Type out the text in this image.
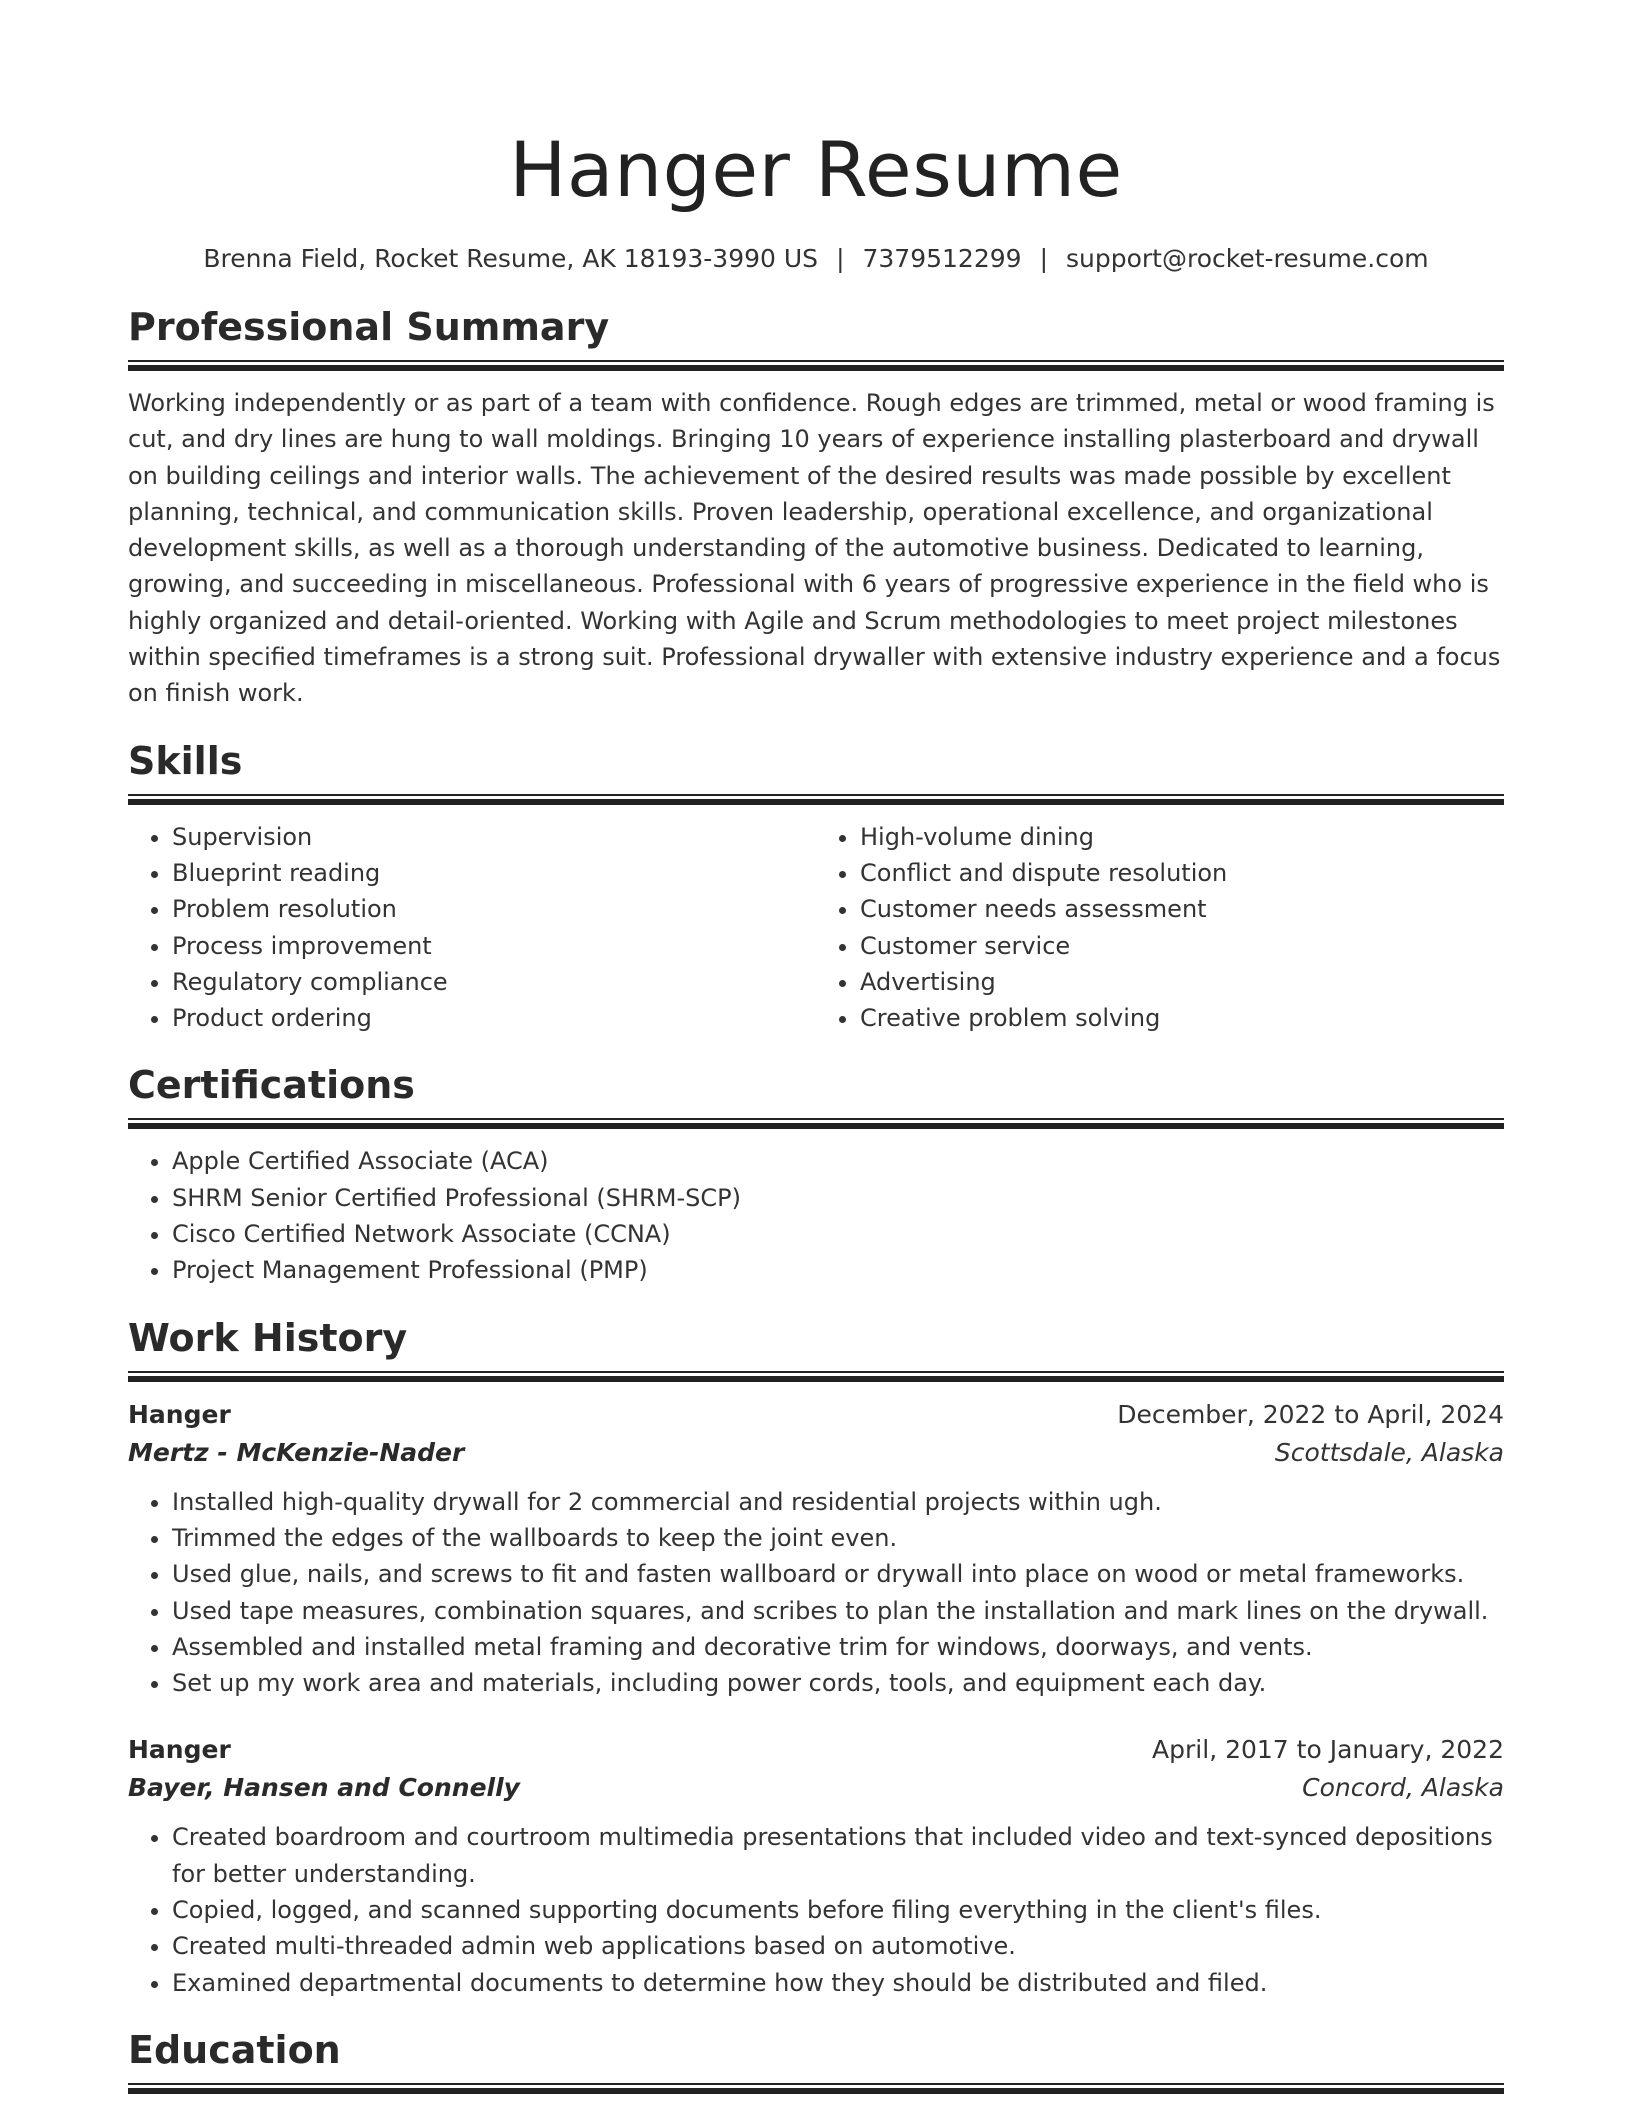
Hanger Resume
Brenna Field, Rocket Resume, AK 18193-3990 US | 7379512299 | support@rocket-resume.com
Professional Summary

Working independently or as part of a team with confidence. Rough edges are trimmed, metal or wood framing is cut, and dry lines are hung to wall moldings. Bringing 10 years of experience installing plasterboard and drywall on building ceilings and interior walls. The achievement of the desired results was made possible by excellent planning, technical, and communication skills. Proven leadership, operational excellence, and organizational development skills, as well as a thorough understanding of the automotive business. Dedicated to learning, growing, and succeeding in miscellaneous. Professional with 6 years of progressive experience in the field who is highly organized and detail-oriented. Working with Agile and Scrum methodologies to meet project milestones within specified timeframes is a strong suit. Professional drywaller with extensive industry experience and a focus on finish work.

Skills
• Supervision
• Blueprint reading
• Problem resolution
• Process improvement
• Regulatory compliance
• Product ordering
• High-volume dining
• Conflict and dispute resolution
• Customer needs assessment
• Customer service
• Advertising
• Creative problem solving
Certifications
• Apple Certified Associate (ACA)
• SHRM Senior Certified Professional (SHRM-SCP)
• Cisco Certified Network Associate (CCNA)
• Project Management Professional (PMP)
Work History
Hanger	December, 2022 to April, 2024
Mertz - McKenzie-Nader	Scottsdale, Alaska
• Installed high-quality drywall for 2 commercial and residential projects within ugh.
• Trimmed the edges of the wallboards to keep the joint even.
• Used glue, nails, and screws to fit and fasten wallboard or drywall into place on wood or metal frameworks.
• Used tape measures, combination squares, and scribes to plan the installation and mark lines on the drywall.
• Assembled and installed metal framing and decorative trim for windows, doorways, and vents.
• Set up my work area and materials, including power cords, tools, and equipment each day.
Hanger	April, 2017 to January, 2022
Bayer, Hansen and Connelly	Concord, Alaska
• Created boardroom and courtroom multimedia presentations that included video and text-synced depositions for better understanding.
• Copied, logged, and scanned supporting documents before filing everything in the client's files.
• Created multi-threaded admin web applications based on automotive.
• Examined departmental documents to determine how they should be distributed and filed.
Education
